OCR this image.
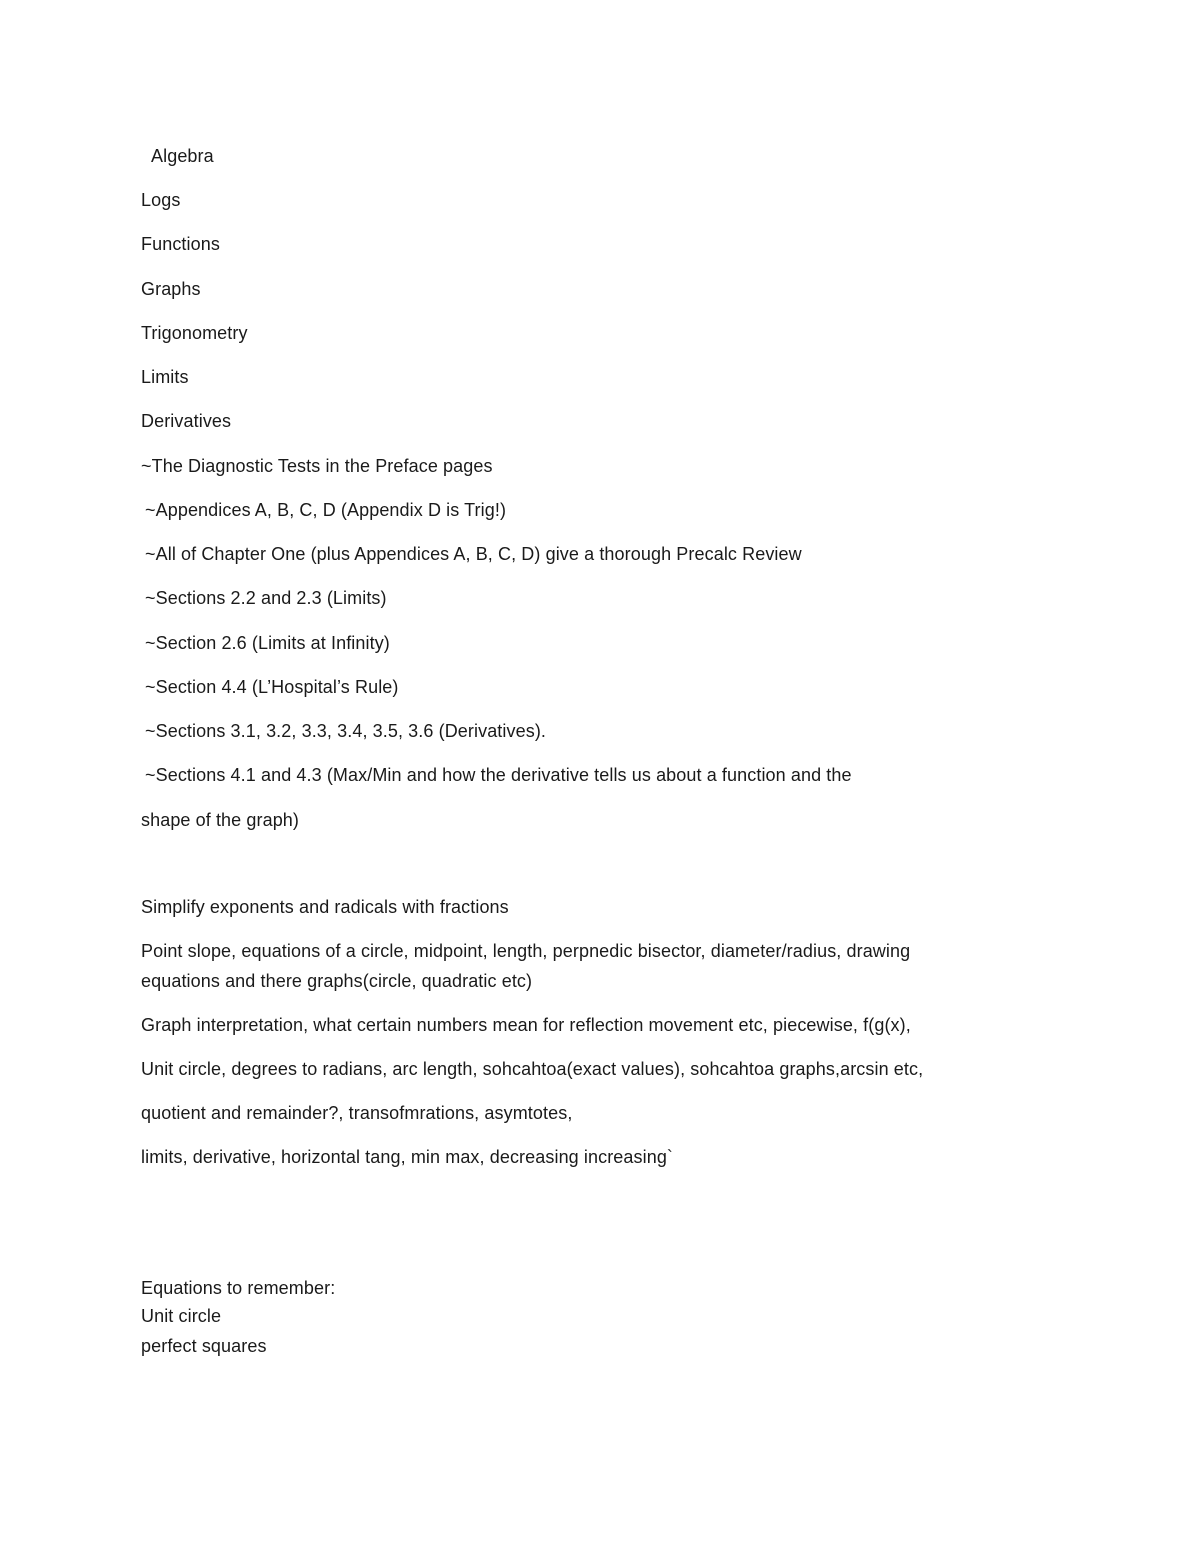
Algebra
Logs
Functions
Graphs
Trigonometry
Limits
Derivatives
~The Diagnostic Tests in the Preface pages
~Appendices A, B, C, D (Appendix D is Trig!)
~All of Chapter One (plus Appendices A, B, C, D) give a thorough Precalc Review
~Sections 2.2 and 2.3 (Limits)
~Section 2.6 (Limits at Infinity)
~Section 4.4 (L’Hospital’s Rule)
~Sections 3.1, 3.2, 3.3, 3.4, 3.5, 3.6 (Derivatives).
~Sections 4.1 and 4.3 (Max/Min and how the derivative tells us about a function and the
shape of the graph)
Simplify exponents and radicals with fractions
Point slope, equations of a circle, midpoint, length, perpnedic bisector, diameter/radius, drawing
equations and there graphs(circle, quadratic etc)
Graph interpretation, what certain numbers mean for reflection movement etc, piecewise, f(g(x),
Unit circle, degrees to radians, arc length, sohcahtoa(exact values), sohcahtoa graphs,arcsin etc,
quotient and remainder?, transofmrations, asymtotes,
limits, derivative, horizontal tang, min max, decreasing increasing`
Equations to remember:
Unit circle
perfect squares
